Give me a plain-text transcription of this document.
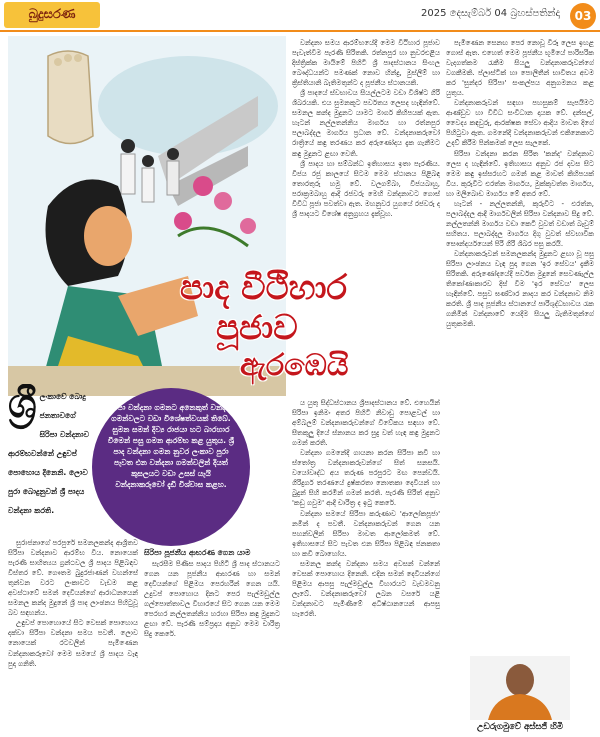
බුදුසරණ	2025 දෙසැම්බර් 04 බ්‍රහස්පතින්දා	03
පාද වීථිහාර
පූජාව
ඇරඹෙයි
ශ්‍රී ලංකාවේ බොදු ජනතාවගේ සිරිපා වන්දනාව ආරම්භවන්නේ උඳුවප් පොහොය දිනෙනි. ලොව පුරා බොදුනුවන් ශ්‍රී පාදය වන්දනා කරති.
සිරිපා වන්දනා ගමනට අනෙකුත් වන්දනා ගමන්වලට වඩා විශේෂත්වයක් තිබේ. සුමන සමන් දිව්‍ය රාජයා හට බාරහාර වීමෙන් පසු ගමන ආරම්භ කළ යුතුය. ශ්‍රී පාද වන්දනා ගමන නුවර ලංකාව පුරා පැවත එන වන්දනා ගමන්වලින් දියත් කුසලයට වඩා උසස් යැයි වන්දනාකරුවෝ දැඩි විශ්වාස කළහ.

සුරාජනාගේ පරපුරේ සමනලකන්ද ආශ්‍රිතව සිරිපා වන්දනාව ආරම්භ විය. නොයෙක් පැරණි සාහිත්‍යය ග්‍රන්ථවල ශ්‍රී පාදය පිළිබඳව විස්තර වේ. ගෞතම බුදුරජාණන් වහන්සේ තුන්වන වරට ලංකාවට වැඩම කළ අවස්ථාවේ සමන් දෙවියන්ගේ ආරාධනයෙන් සමනල කන්ද මුදුනේ ශ්‍රී පාද ලාංඡනය පිහිටුවූ බව සඳහන්ය.

උඳුවප් පොහොයේ සිට වෙසක් පොහොය දක්වා සිරිපා වන්දනා සමය පවතී. ලොව නොයෙක් රටවලින් පැමිණෙන වන්දනාකරුවෝ මෙම සමයේ ශ්‍රී පාදය වැඳ පුදා ගනිති.

සිරිපා පූජනීය ආභරණ ගෙන යාම

සැරසීම පිණිස පාදය පිහිටි ශ්‍රී පාද ස්ථානයට ගෙන යන පූජනීය ආභරණ හා සමන් දෙවියන්ගේ පිළිමය පෙරහරින් ගෙන යයි. උදුවප් පොහොය දිනට පෙර පැල්මඩුල්ල ගල්පොත්තාවල විහාරයේ සිට ගෙන යන මෙම පෙරහර නල්ලතන්නිය හරහා සිරිපා කඳු මුදුනට ළඟා වේ. පැරණි සම්ප්‍රදාය අනුව මෙම චාරිත්‍ර සිදු කෙරේ.

වන්දනා සමය ආරම්භයේදී මෙම වීථිහාර පූජාව පැවැත්වීම පැරණි සිරිතකි. රත්නපුර හා නුවරඑළිය දිස්ත්‍රික්ක මායිමේ පිහිටි ශ්‍රී පාදස්ථානය සිංහල බෞද්ධයන්ට පමණක් නොව හින්දු, මුස්ලිම් හා ක්‍රිස්තියානි බැතිමතුන්ට ද පූජනීය ස්ථානයකි.

ශ්‍රී පාදයේ ස්වභාවය සියල්ලටම වඩා විශිෂ්ට ගිරි ශිඛරයකි. එය සුමනකූට පර්වතය ලෙසද හැඳින්වේ. සමනල කන්ද මුදුනට යාමට මාර්ග කිහිපයක් ඇත. හැටන් නල්ලතන්නිය මාර්ගය හා රත්නපුර පලාබද්දල මාර්ගය ප්‍රධාන වේ. වන්දනාකරුවෝ රාත්‍රියේ කඳු තරණය කර අරුණෝදය දැක ගැනීමට කඳු මුදුනට ළඟා වෙති.

ශ්‍රී පාදය හා සම්බන්ධ ඉතිහාසය ඉතා පැරණිය. විජය රජු කාලයේ සිටම මෙම ස්ථානය පිළිබඳ තොරතුරු හමු වේ. වලගම්බා, විජයබාහු, පරාක්‍රමබාහු ආදී රජවරු මෙහි වන්දනාවට ගොස් විවිධ පූජා පවත්වා ඇත. මහනුවර යුගයේ රජවරු ද ශ්‍රී පාදයට විශේෂ අනුග්‍රහය දැක්වූහ.

ය යුතු සිද්ධස්ථානය ශ්‍රීපාදස්ථානය වේ. එහෙයින් සිරිපා ඉනිමං අතර පිහිටි නිවාඩු පොළවල් හා අම්බලම් වන්දනාකරුවන්ගේ විවේකය සඳහා වේ. සීතකුලු දියේ ස්නානය කර සුදු වත් හැඳ කඳු මුදුනට ගමන් කරති.

වන්දනා ගමනේදී ගායනා කරන සිරිපා කවි හා ස්තෝත්‍ර වන්දනාකරුවන්ගේ සිත් සනසයි. වයෝවෘද්ධ අය තරුණ පරපුරට මඟ පෙන්වයි. ගිරිදුර්ග තරණයේ දුෂ්කරතා නොතකා දෙවියන් හා බුදුන් සිහි කරමින් ගමන් කරති. පැරණි සිරිත් අනුව 'කඩු ගවුම' ආදී චාරිත්‍ර ද ඉටු කෙරේ.

වන්දනා සමයේ සිරිපා කරුණාව 'ආලෝකපූජා' නමින් ද පවතී. වන්දනාකරුවන් ගෙන යන පහන්වලින් සිරිපා මාවත ආලෝකමත් වේ. ඉතිහාසයේ සිට පැවත එන සිරිපා පිළිබඳ ජනකතා හා කවි බොහෝය.

සමනල කන්ද වන්දනා සමය අවසන් වන්නේ වෙසක් පොහොය දිනෙනි. එදින සමන් දෙවියන්ගේ පිළිමය ආපසු පැල්මඩුල්ල විහාරයට වැඩමවනු ලැබේ. වන්දනාකරුවෝ ලබන වසරේ යළි වන්දනාවට පැමිණීමේ අධිෂ්ඨානයෙන් ආපසු හැරෙති.

පැමිණෙන සෙනඟ පෙර නොවූ විරූ ලෙස ඉහළ ගොස් ඇත. එහෙත් මෙම පූජනීය භූමියේ පාරිසරික වැදගත්කම රැකීම සියලු වන්දනාකරුවන්ගේ වගකීමකි. ප්ලාස්ටික් හා පොලිතීන් භාවිතය අවම කර 'සුන්දර සිරිපා' සංකල්පය අනුගමනය කළ යුතුය.

වන්දනාකරුවන් සඳහා පහසුකම් සැපයීමට ආණ්ඩුව හා විවිධ සංවිධාන දායක වේ. දන්සල්, වෛද්‍ය කඳවුරු, ආරක්ෂක සේවා ආදිය මාවත දිගේ පිහිටුවා ඇත. ගමනේදී වන්දනාකරුවන් එකිනෙකාට උදව් කිරීම පින්කමක් ලෙස සැලකේ.

සිරිපා වන්දනා කරන සිරිත 'කන්ද' වන්දනාව ලෙස ද හැඳින්වේ. ඉතිහාසය අනුව රජ දවස සිට මෙම කඳු ඉස්සරහට ගමන් කළ මාවත් කිහිපයක් විය. කුරුවිට එරත්න මාර්ගය, මුක්කුවත්ත මාර්ගය, හා මලිබොඩ මාර්ගය මේ අතර වේ.

හැටන් - නල්ලතන්නි, කුරුවිට - එරත්න, පලාබද්දල ආදී මාර්ගවලින් සිරිපා වන්දනාව සිදු වේ. නල්ලතන්නි මාර්ගය වඩා කෙටි වුවත් වඩාත් බෑවුම් සහිතය. පලාබද්දල මාර්ගය දිගු වුවත් ස්වභාවික සෞන්දර්යයෙන් පිරි ගිරි ශිඛර පසු කරයි.

වන්දනාකරුවන් සමනලකන්ද මුදුනට ළඟා වූ පසු සිරිපා ලාංඡනය වැඳ පුදා ගෙන 'ඉර සේවය' දැකීම සිරිතකි. අරුණෝදයේදී පර්වත මුදුනේ සෙවණැල්ල තිකෝණාකාරව දිස් වීම 'ඉර සේවය' ලෙස හැඳින්වේ. පසුව ඝණ්ටාර නාදය කර වන්දනාව නිම කරති. ශ්‍රී පාද පූජනීය ස්ථානයේ පාරිශුද්ධභාවය රැක ගනිමින් වන්දනාවේ යෙදීම සියලු බැතිමතුන්ගේ යුතුකමකි.

උඩරුගමුවේ අස්සජි හිමි
